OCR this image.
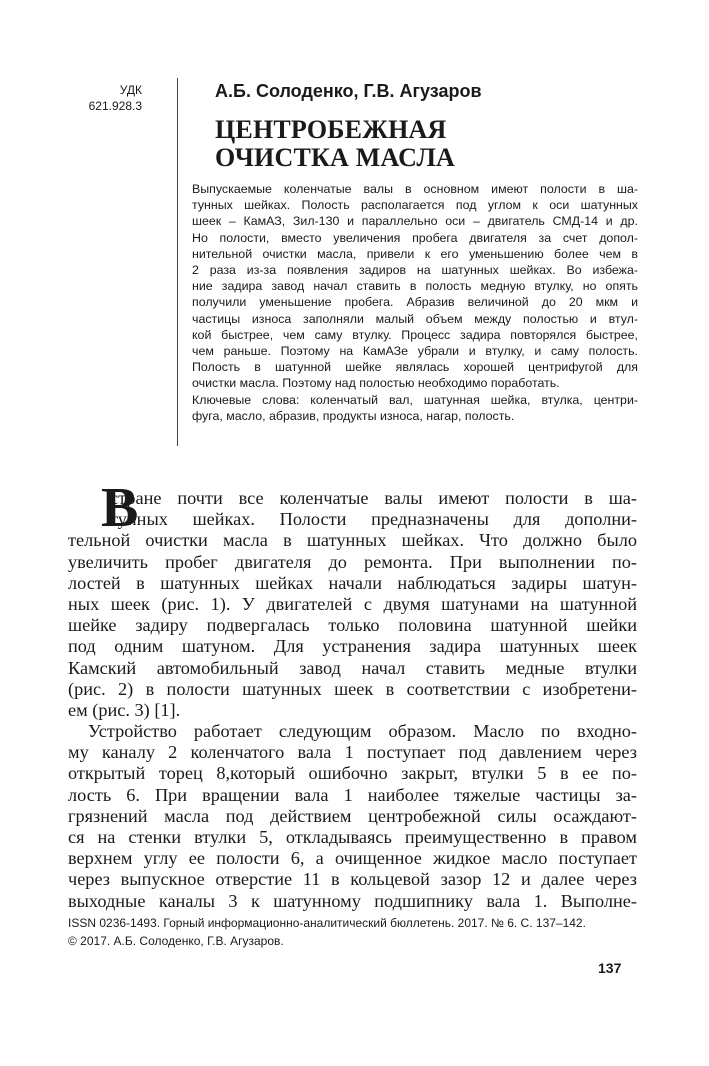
УДК
621.928.3
А.Б. Солоденко, Г.В. Агузаров
ЦЕНТРОБЕЖНАЯ
ОЧИСТКА МАСЛА
Выпускаемые коленчатые валы в основном имеют полости в ша-
тунных шейках. Полость располагается под углом к оси шатунных
шеек – КамАЗ, Зил-130 и параллельно оси – двигатель СМД-14 и др.
Но полости, вместо увеличения пробега двигателя за счет допол-
нительной очистки масла, привели к его уменьшению более чем в
2 раза из-за появления задиров на шатунных шейках. Во избежа-
ние задира завод начал ставить в полость медную втулку, но опять
получили уменьшение пробега. Абразив величиной до 20 мкм и
частицы износа заполняли малый объем между полостью и втул-
кой быстрее, чем саму втулку. Процесс задира повторялся быстрее,
чем раньше. Поэтому на КамАЗе убрали и втулку, и саму полость.
Полость в шатунной шейке являлась хорошей центрифугой для
очистки масла. Поэтому над полостью необходимо поработать.
Ключевые слова: коленчатый вал, шатунная шейка, втулка, центри-
фуга, масло, абразив, продукты износа, нагар, полость.
В
стране почти все коленчатые валы имеют полости в ша-
тунных шейках. Полости предназначены для дополни-
тельной очистки масла в шатунных шейках. Что должно было
увеличить пробег двигателя до ремонта. При выполнении по-
лостей в шатунных шейках начали наблюдаться задиры шатун-
ных шеек (рис. 1). У двигателей с двумя шатунами на шатунной
шейке задиру подвергалась только половина шатунной шейки
под одним шатуном. Для устранения задира шатунных шеек
Камский автомобильный завод начал ставить медные втулки
(рис. 2) в полости шатунных шеек в соответствии с изобретени-
ем (рис. 3) [1].
Устройство работает следующим образом. Масло по входно-
му каналу 2 коленчатого вала 1 поступает под давлением через
открытый торец 8,который ошибочно закрыт, втулки 5 в ее по-
лость 6. При вращении вала 1 наиболее тяжелые частицы за-
грязнений масла под действием центробежной силы осаждают-
ся на стенки втулки 5, откладываясь преимущественно в правом
верхнем углу ее полости 6, а очищенное жидкое масло поступает
через выпускное отверстие 11 в кольцевой зазор 12 и далее через
выходные каналы 3 к шатунному подшипнику вала 1. Выполне-
ISSN 0236-1493. Горный информационно-аналитический бюллетень. 2017. № 6. С. 137–142.
© 2017. А.Б. Солоденко, Г.В. Агузаров.
137
